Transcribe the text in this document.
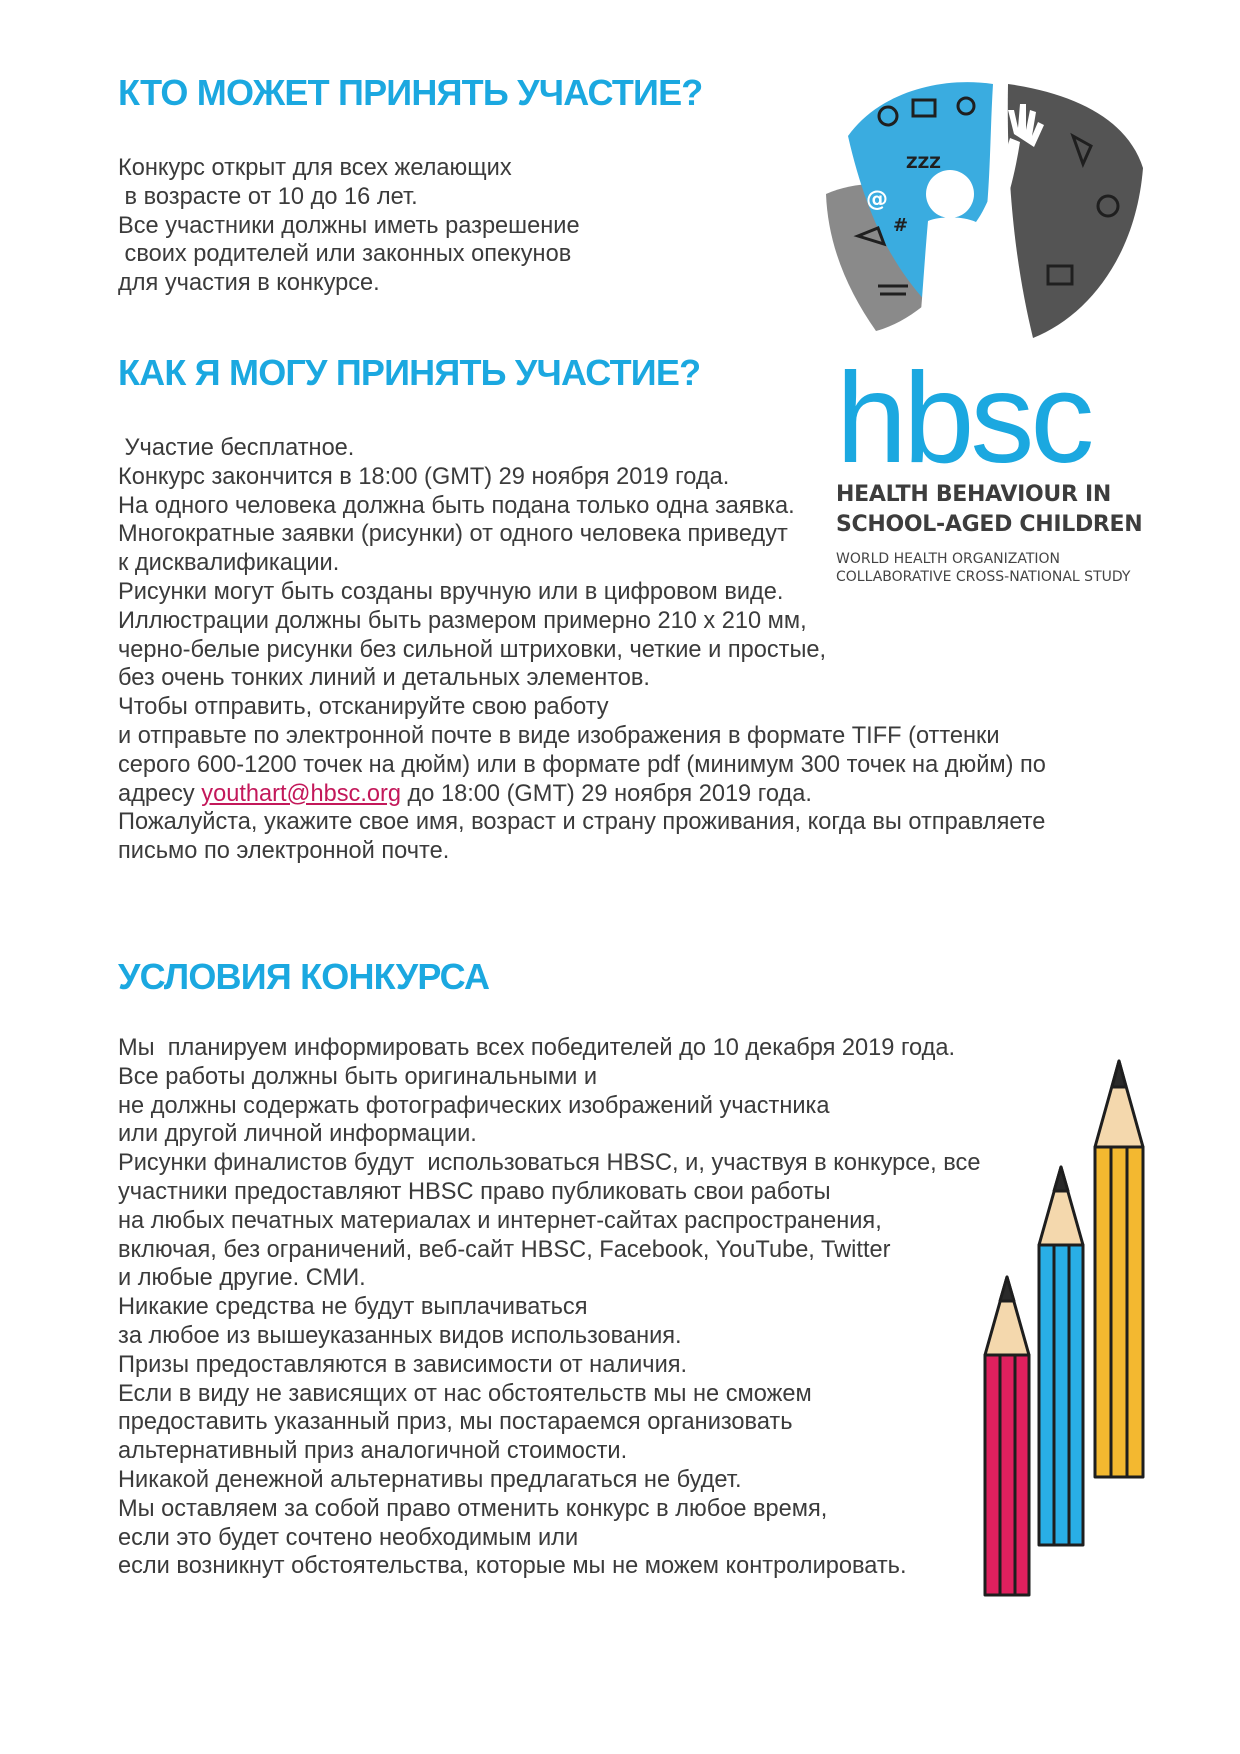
КТО МОЖЕТ ПРИНЯТЬ УЧАСТИЕ?
Конкурс открыт для всех желающих
в возрасте от 10 до 16 лет.
Все участники должны иметь разрешение
своих родителей или законных опекунов
для участия в конкурсе.
КАК Я МОГУ ПРИНЯТЬ УЧАСТИЕ?
Участие бесплатное.
Конкурс закончится в 18:00 (GMT) 29 ноября 2019 года.
На одного человека должна быть подана только одна заявка.
Многократные заявки (рисунки) от одного человека приведут
к дисквалификации.
Рисунки могут быть созданы вручную или в цифровом виде.
Иллюстрации должны быть размером примерно 210 x 210 мм,
черно-белые рисунки без сильной штриховки, четкие и простые,
без очень тонких линий и детальных элементов.
Чтобы отправить, отсканируйте свою работу
и отправьте по электронной почте в виде изображения в формате TIFF (оттенки
серого 600-1200 точек на дюйм) или в формате pdf (минимум 300 точек на дюйм) по
адресу youthart@hbsc.org до 18:00 (GMT) 29 ноября 2019 года.
Пожалуйста, укажите свое имя, возраст и страну проживания, когда вы отправляете
письмо по электронной почте.
УСЛОВИЯ КОНКУРСА
Мы  планируем информировать всех победителей до 10 декабря 2019 года.
Все работы должны быть оригинальными и
не должны содержать фотографических изображений участника
или другой личной информации.
Рисунки финалистов будут  использоваться HBSC, и, участвуя в конкурсе, все
участники предоставляют HBSC право публиковать свои работы
на любых печатных материалах и интернет-сайтах распространения,
включая, без ограничений, веб-сайт HBSC, Facebook, YouTube, Twitter
и любые другие. СМИ.
Никакие средства не будут выплачиваться
за любое из вышеуказанных видов использования.
Призы предоставляются в зависимости от наличия.
Если в виду не зависящих от нас обстоятельств мы не сможем
предоставить указанный приз, мы постараемся организовать
альтернативный приз аналогичной стоимости.
Никакой денежной альтернативы предлагаться не будет.
Мы оставляем за собой право отменить конкурс в любое время,
если это будет сочтено необходимым или
если возникнут обстоятельства, которые мы не можем контролировать.
ZZZ
@
#

hbsc

HEALTH BEHAVIOUR IN

SCHOOL-AGED CHILDREN

WORLD HEALTH ORGANIZATION

COLLABORATIVE CROSS-NATIONAL STUDY
